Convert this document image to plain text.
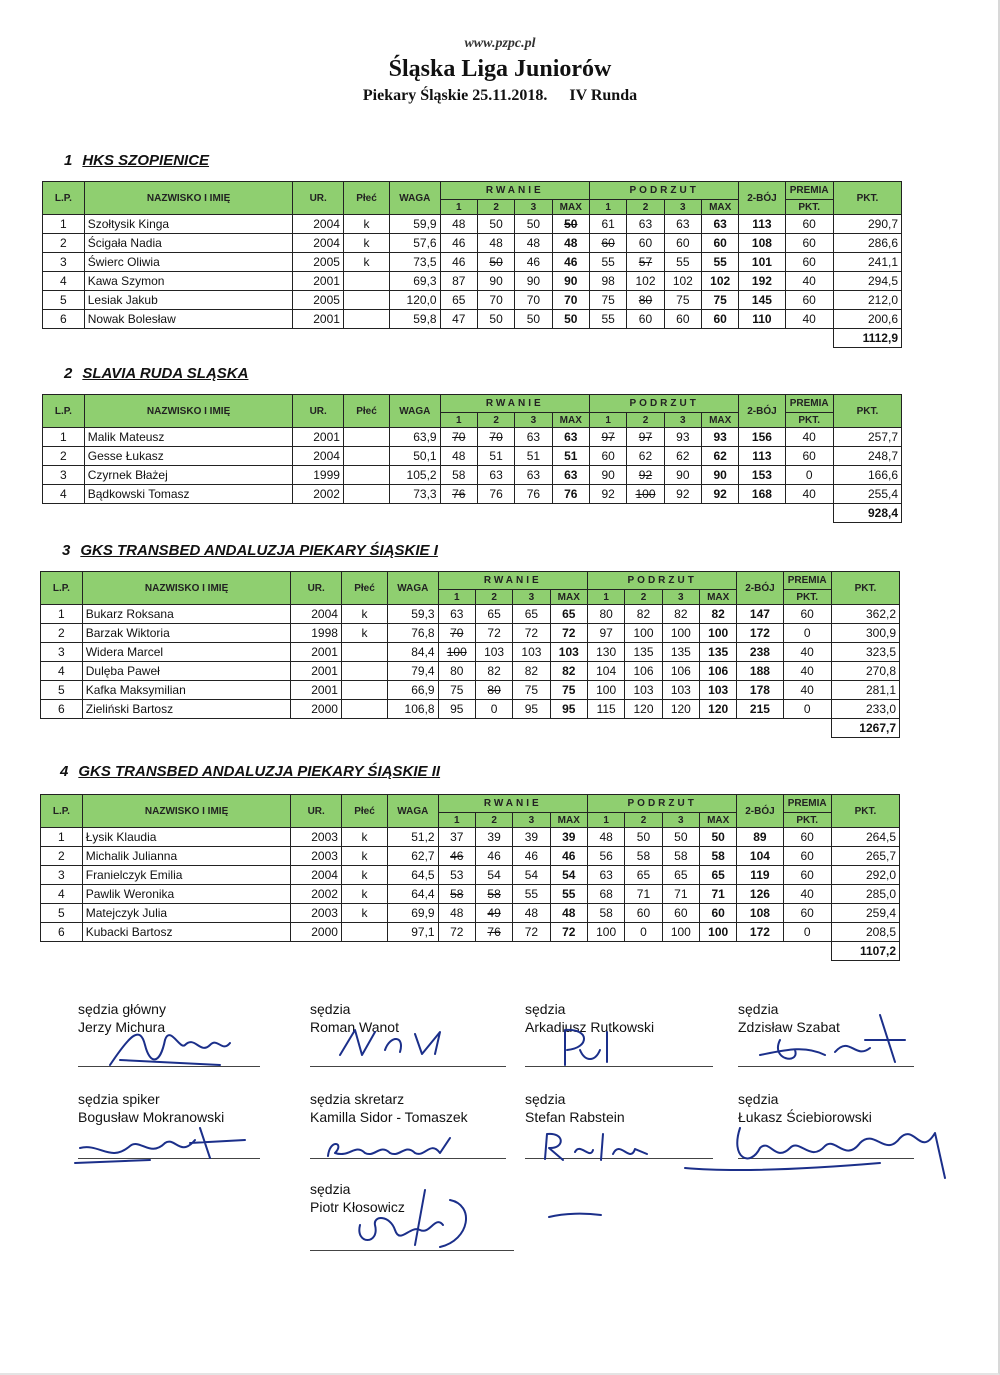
www.pzpc.pl
Śląska Liga Juniorów
Piekary Śląskie 25.11.2018. IV Runda
1 HKS SZOPIENICE
2 SLAVIA RUDA SLĄSKA
3 GKS TRANSBED ANDALUZJA PIEKARY ŚIĄSKIE I
4 GKS TRANSBED ANDALUZJA PIEKARY ŚIĄSKIE II
L.P.	NAZWISKO I IMIĘ	UR.	Płeć	WAGA	RWANIE				PODRZUT				2-BÓJ	PREMIA	PKT.
					1	2	3	MAX	1	2	3	MAX		PKT.	
1	Szołtysik Kinga	2004	k	59,9	48	50	50	50	61	63	63	63	113	60	290,7
2	Ścigała Nadia	2004	k	57,6	46	48	48	48	60	60	60	60	108	60	286,6
3	Świerc Oliwia	2005	k	73,5	46	50	46	46	55	57	55	55	101	60	241,1
4	Kawa Szymon	2001		69,3	87	90	90	90	98	102	102	102	192	40	294,5
5	Lesiak Jakub	2005		120,0	65	70	70	70	75	80	75	75	145	60	212,0
6	Nowak Bolesław	2001		59,8	47	50	50	50	55	60	60	60	110	40	200,6
															1112,9
L.P.	NAZWISKO I IMIĘ	UR.	Płeć	WAGA	RWANIE				PODRZUT				2-BÓJ	PREMIA	PKT.
					1	2	3	MAX	1	2	3	MAX		PKT.	
1	Malik Mateusz	2001		63,9	70	70	63	63	97	97	93	93	156	40	257,7
2	Gesse Łukasz	2004		50,1	48	51	51	51	60	62	62	62	113	60	248,7
3	Czyrnek Błażej	1999		105,2	58	63	63	63	90	92	90	90	153	0	166,6
4	Bądkowski Tomasz	2002		73,3	76	76	76	76	92	100	92	92	168	40	255,4
															928,4
L.P.	NAZWISKO I IMIĘ	UR.	Płeć	WAGA	RWANIE				PODRZUT				2-BÓJ	PREMIA	PKT.
					1	2	3	MAX	1	2	3	MAX		PKT.	
1	Bukarz Roksana	2004	k	59,3	63	65	65	65	80	82	82	82	147	60	362,2
2	Barzak Wiktoria	1998	k	76,8	70	72	72	72	97	100	100	100	172	0	300,9
3	Widera Marcel	2001		84,4	100	103	103	103	130	135	135	135	238	40	323,5
4	Dulęba Paweł	2001		79,4	80	82	82	82	104	106	106	106	188	40	270,8
5	Kafka Maksymilian	2001		66,9	75	80	75	75	100	103	103	103	178	40	281,1
6	Zieliński Bartosz	2000		106,8	95	0	95	95	115	120	120	120	215	0	233,0
															1267,7
L.P.	NAZWISKO I IMIĘ	UR.	Płeć	WAGA	RWANIE				PODRZUT				2-BÓJ	PREMIA	PKT.
					1	2	3	MAX	1	2	3	MAX		PKT.	
1	Łysik Klaudia	2003	k	51,2	37	39	39	39	48	50	50	50	89	60	264,5
2	Michalik Julianna	2003	k	62,7	46	46	46	46	56	58	58	58	104	60	265,7
3	Franielczyk Emilia	2004	k	64,5	53	54	54	54	63	65	65	65	119	60	292,0
4	Pawlik Weronika	2002	k	64,4	58	58	55	55	68	71	71	71	126	40	285,0
5	Matejczyk Julia	2003	k	69,9	48	49	48	48	58	60	60	60	108	60	259,4
6	Kubacki Bartosz	2000		97,1	72	76	72	72	100	0	100	100	172	0	208,5
															1107,2
sędzia główny
Jerzy Michura
sędzia
Roman Wanot
sędzia
Arkadiusz Rutkowski
sędzia
Zdzisław Szabat
sędzia spiker
Bogusław Mokranowski
sędzia skretarz
Kamilla Sidor - Tomaszek
sędzia
Stefan Rabstein
sędzia
Łukasz Ściebiorowski
sędzia
Piotr Kłosowicz
